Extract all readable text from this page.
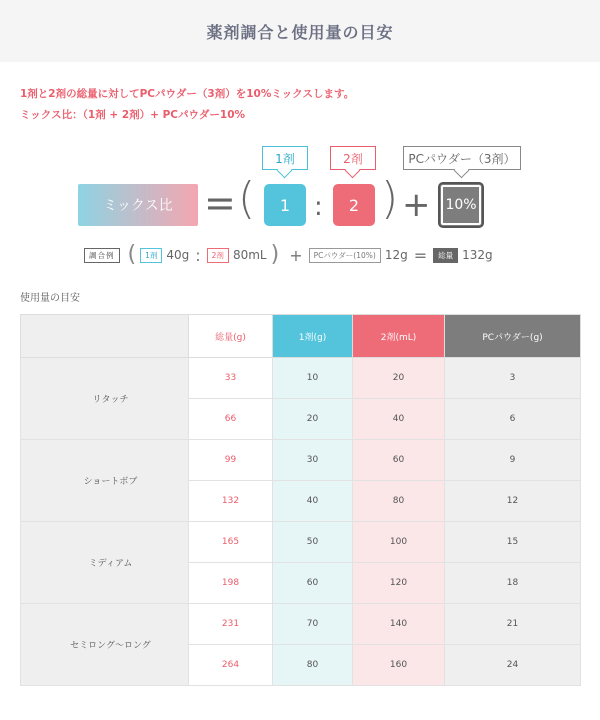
薬剤調合と使用量の目安
1剤と2剤の総量に対してPCパウダー（3剤）を10%ミックスします。
ミックス比：（1剤 + 2剤）+ PCパウダー10%
1剤	2剤	PCパウダー（3剤）
ミックス比 = (	1 :	2 ) +	10%
調合例 (	1剤 40g :	2剤 80mL ) +	PCパウダー(10%) 12g =	総量 132g
使用量の目安
	総量(g)	1剤(g)	2剤(mL)	PCパウダー(g)
リタッチ	33	10	20	3
	66	20	40	6
ショートボブ	99	30	60	9
	132	40	80	12
ミディアム	165	50	100	15
	198	60	120	18
セミロング〜ロング	231	70	140	21
	264	80	160	24
